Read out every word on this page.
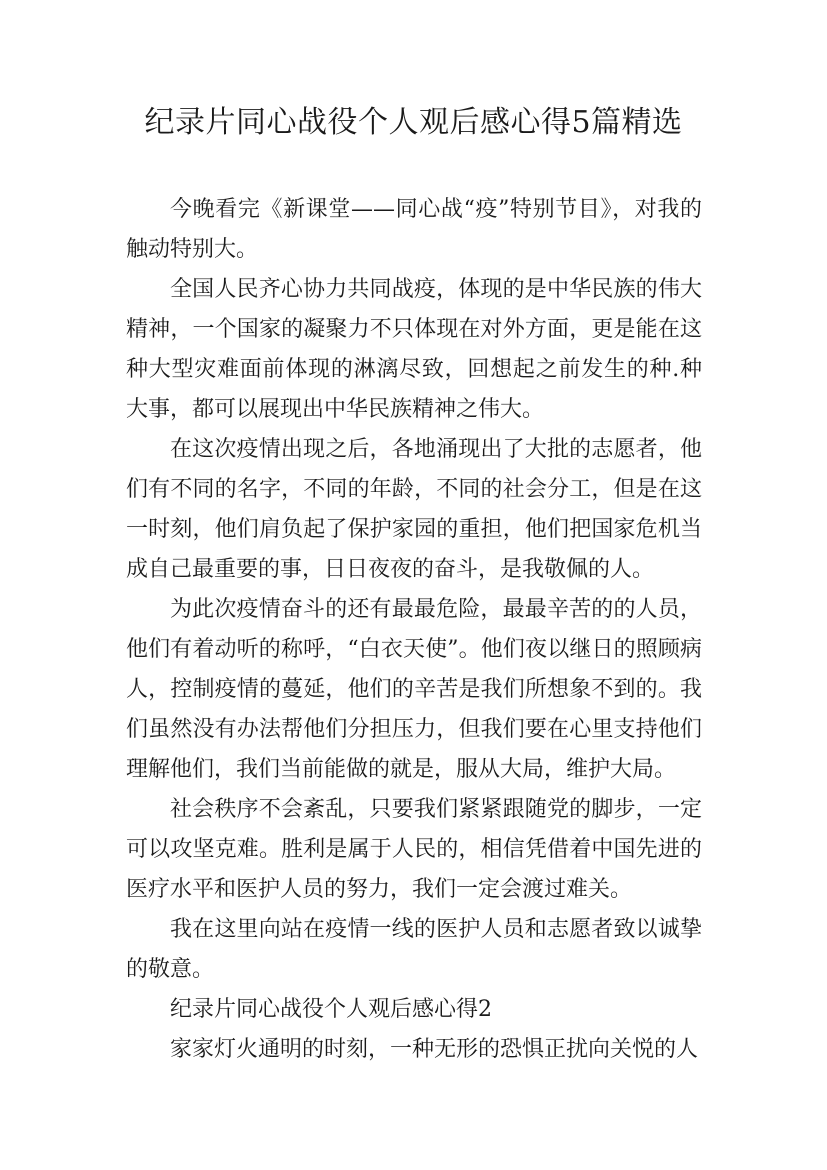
纪录片同心战役个人观后感心得5篇精选

今晚看完《新课堂——同心战“疫”特别节目》，对我的触动特别大。

全国人民齐心协力共同战疫，体现的是中华民族的伟大精神，一个国家的凝聚力不只体现在对外方面，更是能在这种大型灾难面前体现的淋漓尽致，回想起之前发生的种.种大事，都可以展现出中华民族精神之伟大。

在这次疫情出现之后，各地涌现出了大批的志愿者，他们有不同的名字，不同的年龄，不同的社会分工，但是在这一时刻，他们肩负起了保护家园的重担，他们把国家危机当成自己最重要的事，日日夜夜的奋斗，是我敬佩的人。

为此次疫情奋斗的还有最最危险，最最辛苦的的人员，他们有着动听的称呼，“白衣天使”。他们夜以继日的照顾病人，控制疫情的蔓延，他们的辛苦是我们所想象不到的。我们虽然没有办法帮他们分担压力，但我们要在心里支持他们理解他们，我们当前能做的就是，服从大局，维护大局。

社会秩序不会紊乱，只要我们紧紧跟随党的脚步，一定可以攻坚克难。胜利是属于人民的，相信凭借着中国先进的医疗水平和医护人员的努力，我们一定会渡过难关。

我在这里向站在疫情一线的医护人员和志愿者致以诚挚的敬意。

纪录片同心战役个人观后感心得2

家家灯火通明的时刻，一种无形的恐惧正扰向关悦的人
